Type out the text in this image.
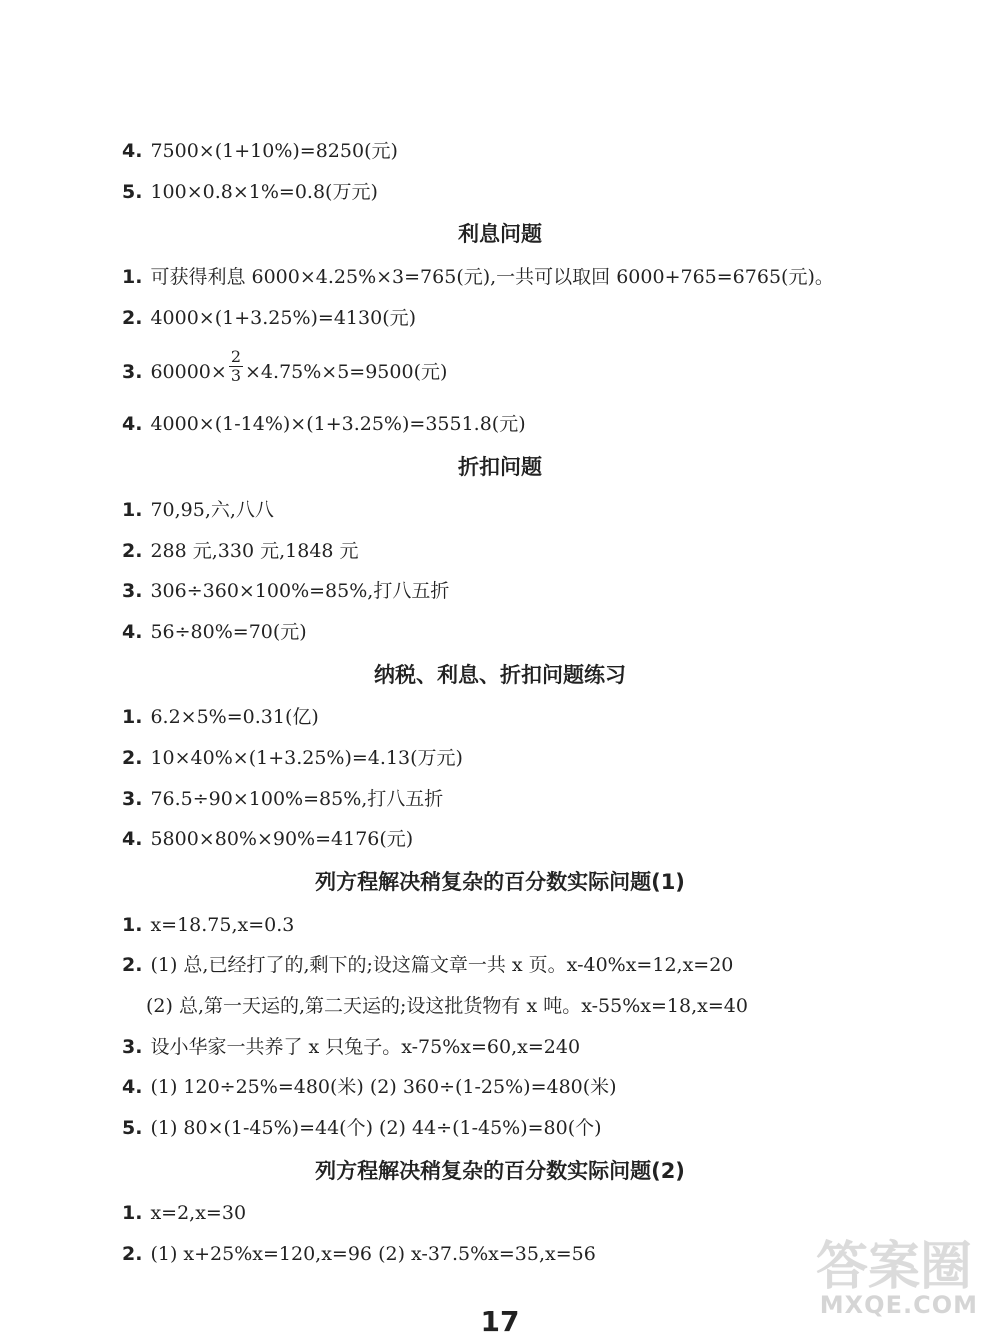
4. 7500×(1+10%)=8250(元)
5. 100×0.8×1%=0.8(万元)
利息问题
1. 可获得利息 6000×4.25%×3=765(元),一共可以取回 6000+765=6765(元)。
2. 4000×(1+3.25%)=4130(元)
3. $60000\times \frac{2}{3} \times 4.75\%\times 5=9500$(元)
4. 4000×(1-14%)×(1+3.25%)=3551.8(元)
折扣问题
1. 70,95,六,八八
2. 288 元,330 元,1848 元
3. 306÷360×100%=85%,打八五折
4. 56÷80%=70(元)
纳税、利息、折扣问题练习
1. 6.2×5%=0.31(亿)
2. 10×40%×(1+3.25%)=4.13(万元)
3. 76.5÷90×100%=85%,打八五折
4. 5800×80%×90%=4176(元)
列方程解决稍复杂的百分数实际问题(1)
1. x=18.75,x=0.3
2. (1) 总,已经打了的,剩下的;设这篇文章一共 x 页。x-40%x=12,x=20
(2) 总,第一天运的,第二天运的;设这批货物有 x 吨。x-55%x=18,x=40
3. 设小华家一共养了 x 只兔子。x-75%x=60,x=240
4. (1) 120÷25%=480(米) (2) 360÷(1-25%)=480(米)
5. (1) 80×(1-45%)=44(个) (2) 44÷(1-45%)=80(个)
列方程解决稍复杂的百分数实际问题(2)
1. x=2,x=30
2. (1) x+25%x=120,x=96 (2) x-37.5%x=35,x=56
17
答案圈
MXQE.COM
